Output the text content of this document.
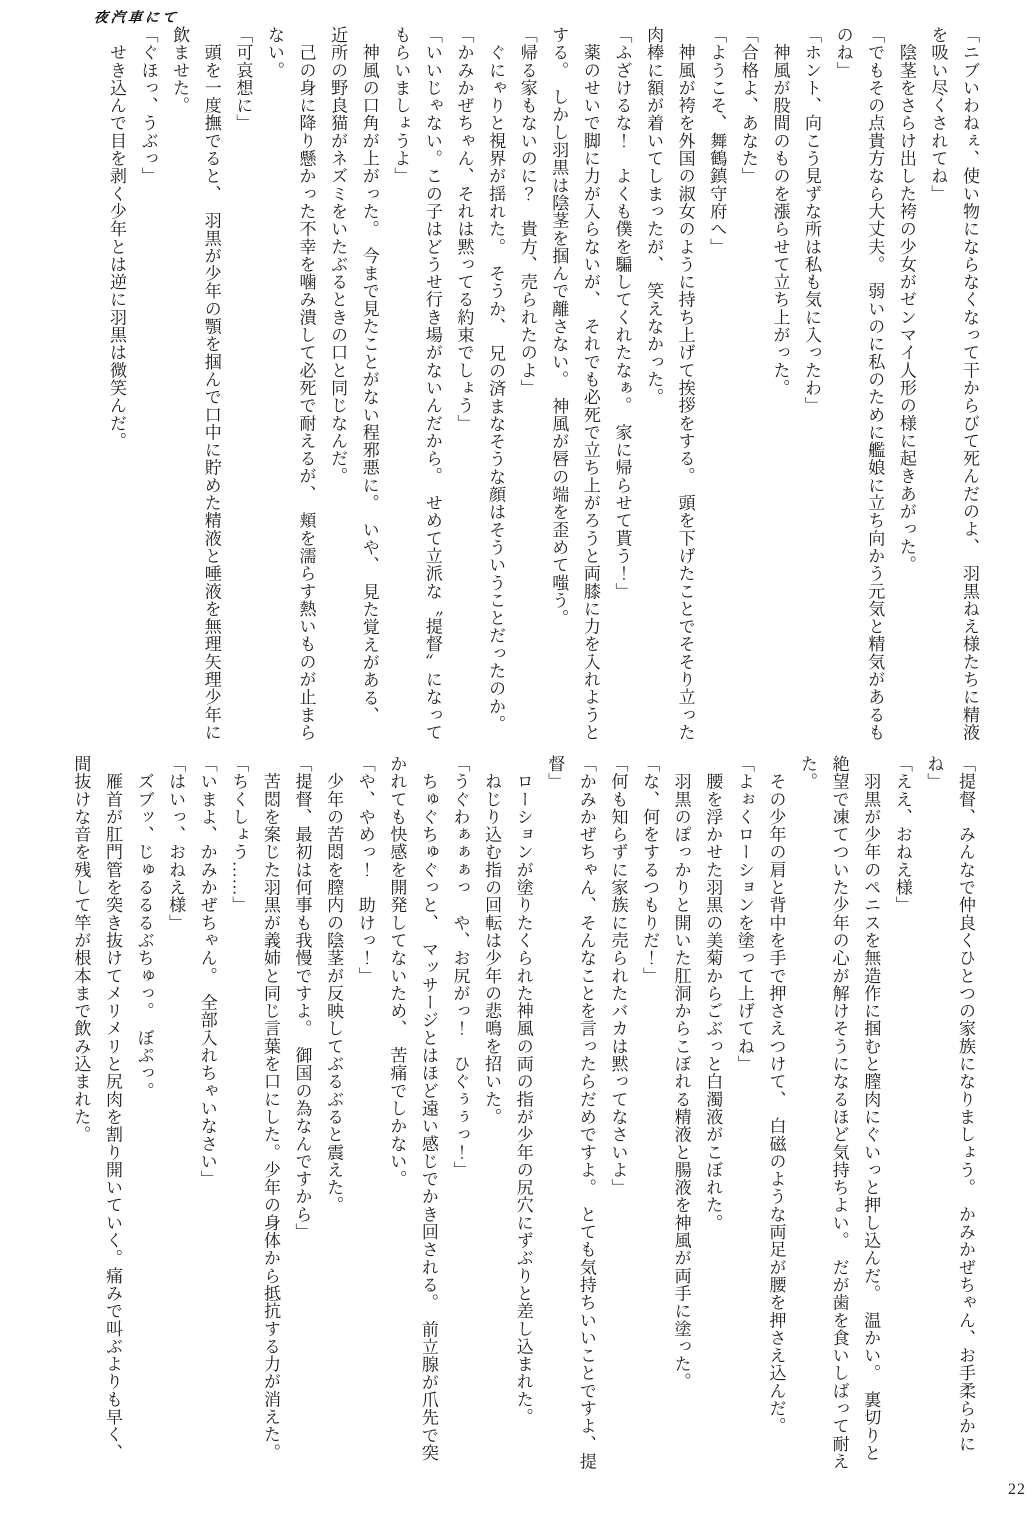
夜汽車にて

「ニブいわねぇ、使い物にならなくなって干からびて死んだのよ、　羽黒ねえ様たちに精液を吸い尽くされてね」

　陰茎をさらけ出した袴の少女がゼンマイ人形の様に起きあがった。

「でもその点貴方なら大丈夫。　弱いのに私のために艦娘に立ち向かう元気と精気があるものね」

「ホント、向こう見ずな所は私も気に入ったわ」

　神風が股間のものを漲らせて立ち上がった。

「合格よ、あなた」

「ようこそ、舞鶴鎮守府へ」

　神風が袴を外国の淑女のように持ち上げて挨拶をする。　頭を下げたことでそそり立った肉棒に額が着いてしまったが、　笑えなかった。

「ふざけるな！　よくも僕を騙してくれたなぁ。　家に帰らせて貰う！」

　薬のせいで脚に力が入らないが、　それでも必死で立ち上がろうと両膝に力を入れようとする。　しかし羽黒は陰茎を掴んで離さない。　神風が唇の端を歪めて嗤う。

「帰る家もないのに？　貴方、売られたのよ」

　ぐにゃりと視界が揺れた。　そうか、　兄の済まなそうな顔はそういうことだったのか。

「かみかぜちゃん、それは黙ってる約束でしょう」

「いいじゃない。この子はどうせ行き場がないんだから。　せめて立派な〝提督〟になってもらいましょうよ」

　神風の口角が上がった。　今まで見たことがない程邪悪に。　いや、　見た覚えがある、　近所の野良猫がネズミをいたぶるときの口と同じなんだ。

　己の身に降り懸かった不幸を噛み潰して必死で耐えるが、　頬を濡らす熱いものが止まらない。

「可哀想に」

　頭を一度撫でると、　羽黒が少年の顎を掴んで口中に貯めた精液と唾液を無理矢理少年に飲ませた。

「ぐほっ、うぶっ」

　せき込んで目を剥く少年とは逆に羽黒は微笑んだ。

「提督、みんなで仲良くひとつの家族になりましょう。　かみかぜちゃん、お手柔らかにね」

「ええ、おねえ様」

　羽黒が少年のペニスを無造作に掴むと膣肉にぐいっと押し込んだ。　温かい。　裏切りと絶望で凍てついた少年の心が解けそうになるほど気持ちよい。　だが歯を食いしばって耐えた。

　その少年の肩と背中を手で押さえつけて、　白磁のような両足が腰を押さえ込んだ。

「よぉくローションを塗って上げてね」

　腰を浮かせた羽黒の美菊からごぶっと白濁液がこぼれた。

　羽黒のぽっかりと開いた肛洞からこぼれる精液と腸液を神風が両手に塗った。

「な、何をするつもりだ！」

「何も知らずに家族に売られたバカは黙ってなさいよ」

「かみかぜちゃん、そんなことを言ったらだめですよ。　とても気持ちいいことですよ、提督」

　ローションが塗りたくられた神風の両の指が少年の尻穴にずぶりと差し込まれた。

　ねじり込む指の回転は少年の悲鳴を招いた。

「うぐわぁぁぁっ　や、お尻がっ！　ひぐぅぅっ！」

　ちゅぐちゅぐっと、　マッサージとはほど遠い感じでかき回される。　前立腺が爪先で突かれても快感を開発してないため、　苦痛でしかない。

「や、やめっ！　助けっ！」

　少年の苦悶を膣内の陰茎が反映してぶるぶると震えた。

「提督、最初は何事も我慢ですよ。　御国の為なんですから」

　苦悶を案じた羽黒が義姉と同じ言葉を口にした。少年の身体から抵抗する力が消えた。

「ちくしょう……」

「いまよ、かみかぜちゃん。　全部入れちゃいなさい」

「はいっ、おねえ様」

　ズブッ、じゅるるるぶちゅっ。　ぼぷっ。

　雁首が肛門管を突き抜けてメリメリと尻肉を割り開いていく。痛みで叫ぶよりも早く、間抜けな音を残して竿が根本まで飲み込まれた。

22
